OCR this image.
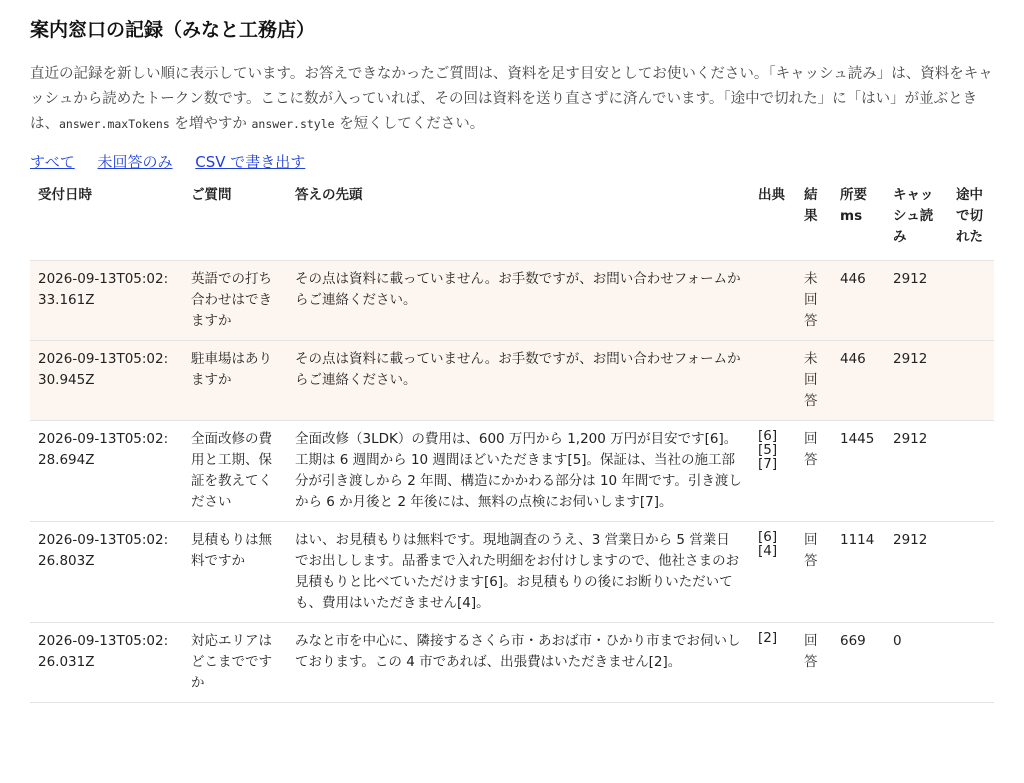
案内窓口の記録（みなと工務店）

直近の記録を新しい順に表示しています。お答えできなかったご質問は、資料を足す目安としてお使いください。「キャッシュ読み」は、資料をキャッシュから読めたトークン数です。ここに数が入っていれば、その回は資料を送り直さずに済んでいます。「途中で切れた」に「はい」が並ぶときは、answer.maxTokens を増やすか answer.style を短くしてください。

すべて 未回答のみ CSV で書き出す
受付日時	ご質問	答えの先頭	出典	結果	所要 ms	キャッシュ読み	途中で切れた
2026-09-13T05:02:33.161Z	英語での打ち合わせはできますか	その点は資料に載っていません。お手数ですが、お問い合わせフォームからご連絡ください。		未回答	446	2912	
2026-09-13T05:02:30.945Z	駐車場はありますか	その点は資料に載っていません。お手数ですが、お問い合わせフォームからご連絡ください。		未回答	446	2912	
2026-09-13T05:02:28.694Z	全面改修の費用と工期、保証を教えてください	全面改修（3LDK）の費用は、600 万円から 1,200 万円が目安です[6]。工期は 6 週間から 10 週間ほどいただきます[5]。保証は、当社の施工部分が引き渡しから 2 年間、構造にかかわる部分は 10 年間です。引き渡しから 6 か月後と 2 年後には、無料の点検にお伺いします[7]。	[6]
[5]
[7]	回答	1445	2912	
2026-09-13T05:02:26.803Z	見積もりは無料ですか	はい、お見積もりは無料です。現地調査のうえ、3 営業日から 5 営業日でお出しします。品番まで入れた明細をお付けしますので、他社さまのお見積もりと比べていただけます[6]。お見積もりの後にお断りいただいても、費用はいただきません[4]。	[6]
[4]	回答	1114	2912	
2026-09-13T05:02:26.031Z	対応エリアはどこまでですか	みなと市を中心に、隣接するさくら市・あおば市・ひかり市までお伺いしております。この 4 市であれば、出張費はいただきません[2]。	[2]	回答	669	0	
